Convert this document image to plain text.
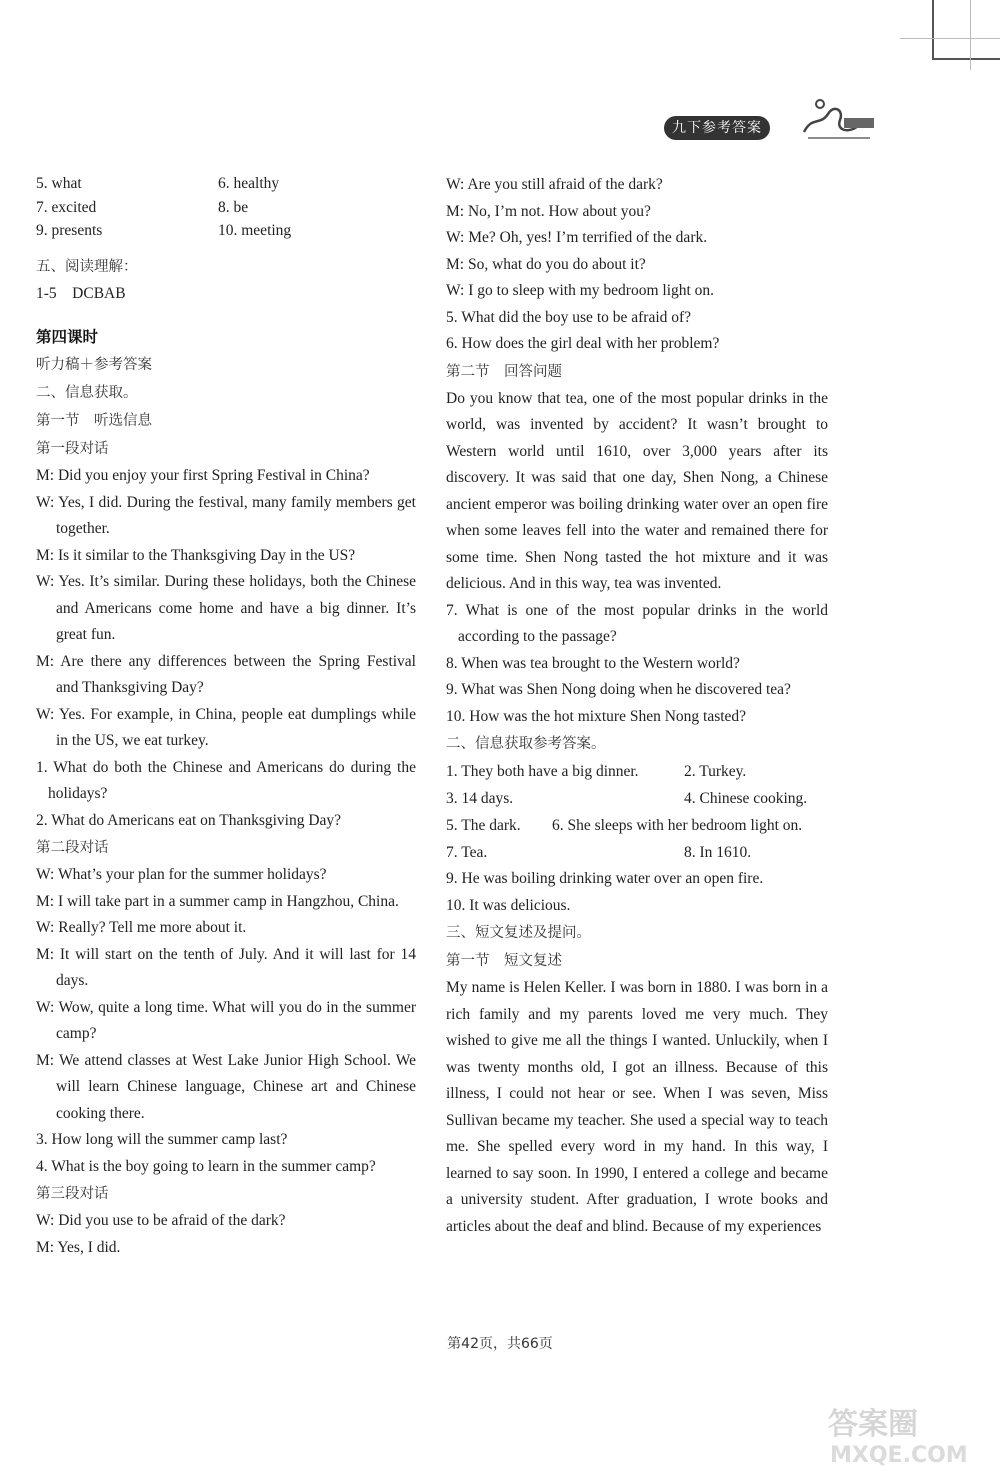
九下参考答案
5. what	6. healthy
7. excited	8. be
9. presents	10. meeting

五、阅读理解：

1-5　DCBAB

第四课时

听力稿＋参考答案

二、信息获取。

第一节　听选信息

第一段对话

M: Did you enjoy your first Spring Festival in China?

W: Yes, I did. During the festival, many family members get together.

M: Is it similar to the Thanksgiving Day in the US?

W: Yes. It’s similar. During these holidays, both the Chinese and Americans come home and have a big dinner. It’s great fun.

M: Are there any differences between the Spring Festival and Thanksgiving Day?

W: Yes. For example, in China, people eat dumplings while in the US, we eat turkey.

1. What do both the Chinese and Americans do during the holidays?

2. What do Americans eat on Thanksgiving Day?

第二段对话

W: What’s your plan for the summer holidays?

M: I will take part in a summer camp in Hangzhou, China.

W: Really? Tell me more about it.

M: It will start on the tenth of July. And it will last for 14 days.

W: Wow, quite a long time. What will you do in the summer camp?

M: We attend classes at West Lake Junior High School. We will learn Chinese language, Chinese art and Chinese cooking there.

3. How long will the summer camp last?

4. What is the boy going to learn in the summer camp?

第三段对话

W: Did you use to be afraid of the dark?

M: Yes, I did.

W: Are you still afraid of the dark?

M: No, I’m not. How about you?

W: Me? Oh, yes! I’m terrified of the dark.

M: So, what do you do about it?

W: I go to sleep with my bedroom light on.

5. What did the boy use to be afraid of?

6. How does the girl deal with her problem?

第二节　回答问题

Do you know that tea, one of the most popular drinks in the world, was invented by accident? It wasn’t brought to Western world until 1610, over 3,000 years after its discovery. It was said that one day, Shen Nong, a Chinese ancient emperor was boiling drinking water over an open fire when some leaves fell into the water and remained there for some time. Shen Nong tasted the hot mixture and it was delicious. And in this way, tea was invented.

7. What is one of the most popular drinks in the world according to the passage?

8. When was tea brought to the Western world?

9. What was Shen Nong doing when he discovered tea?

10. How was the hot mixture Shen Nong tasted?

二、信息获取参考答案。

1. They both have a big dinner.	2. Turkey.
3. 14 days.	4. Chinese cooking.
5. The dark.	6. She sleeps with her bedroom light on.
7. Tea.	8. In 1610.

9. He was boiling drinking water over an open fire.

10. It was delicious.

三、短文复述及提问。

第一节　短文复述

My name is Helen Keller. I was born in 1880. I was born in a rich family and my parents loved me very much. They wished to give me all the things I wanted. Unluckily, when I was twenty months old, I got an illness. Because of this illness, I could not hear or see. When I was seven, Miss Sullivan became my teacher. She used a special way to teach me. She spelled every word in my hand. In this way, I learned to say soon. In 1990, I entered a college and became a university student. After graduation, I wrote books and articles about the deaf and blind. Because of my experiences

第42页，共66页
答案圈
MXQE.COM
